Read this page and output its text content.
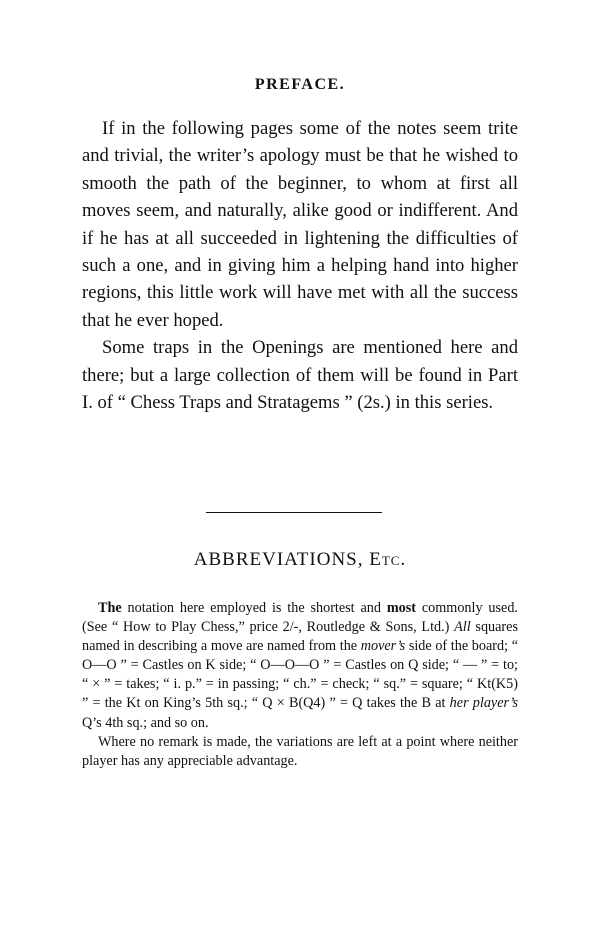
PREFACE.

If in the following pages some of the notes seem trite and trivial, the writer’s apology must be that he wished to smooth the path of the beginner, to whom at first all moves seem, and naturally, alike good or indifferent. And if he has at all succeeded in lightening the difficulties of such a one, and in giving him a helping hand into higher regions, this little work will have met with all the success that he ever hoped.

Some traps in the Openings are mentioned here and there; but a large collection of them will be found in Part I. of “ Chess Traps and Stratagems ” (2s.) in this series.

ABBREVIATIONS, Etc.

The notation here employed is the shortest and most commonly used. (See “ How to Play Chess,” price 2/-, Routledge & Sons, Ltd.) All squares named in describing a move are named from the mover’s side of the board; “ O—O ” = Castles on K side; “ O—O—O ” = Castles on Q side; “ — ” = to; “ × ” = takes; “ i. p.” = in passing; “ ch.” = check; “ sq.” = square; “ Kt(K5) ” = the Kt on King’s 5th sq.; “ Q × B(Q4) ” = Q takes the B at her player’s Q’s 4th sq.; and so on.

Where no remark is made, the variations are left at a point where neither player has any appreciable advantage.
